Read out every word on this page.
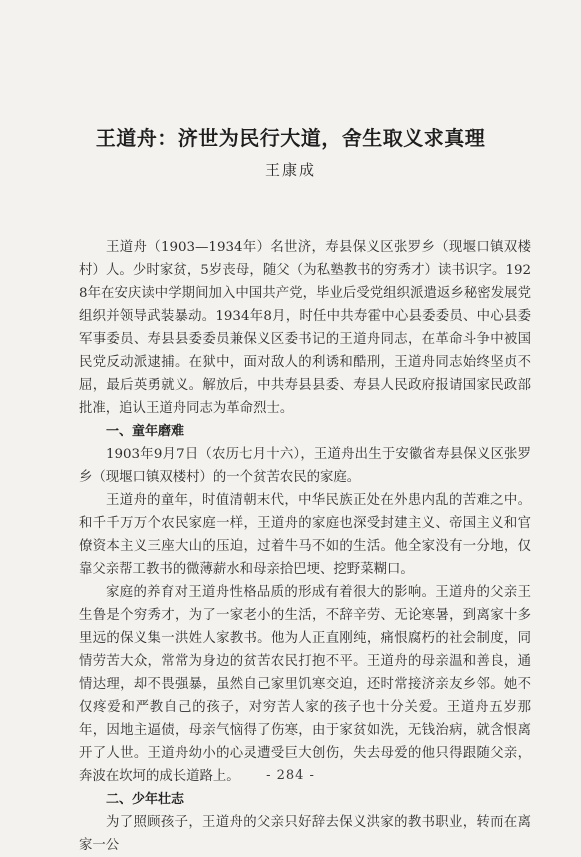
王道舟：济世为民行大道，舍生取义求真理
王康成

王道舟（1903—1934年）名世济，寿县保义区张罗乡（现堰口镇双楼村）人。少时家贫，5岁丧母，随父（为私塾教书的穷秀才）读书识字。1928年在安庆读中学期间加入中国共产党，毕业后受党组织派遣返乡秘密发展党组织并领导武装暴动。1934年8月，时任中共寿霍中心县委委员、中心县委军事委员、寿县县委委员兼保义区委书记的王道舟同志，在革命斗争中被国民党反动派逮捕。在狱中，面对敌人的利诱和酷刑，王道舟同志始终坚贞不屈，最后英勇就义。解放后，中共寿县县委、寿县人民政府报请国家民政部批准，追认王道舟同志为革命烈士。

一、童年磨难

1903年9月7日（农历七月十六），王道舟出生于安徽省寿县保义区张罗乡（现堰口镇双楼村）的一个贫苦农民的家庭。

王道舟的童年，时值清朝末代，中华民族正处在外患内乱的苦难之中。和千千万万个农民家庭一样，王道舟的家庭也深受封建主义、帝国主义和官僚资本主义三座大山的压迫，过着牛马不如的生活。他全家没有一分地，仅靠父亲帮工教书的微薄薪水和母亲拾巴埂、挖野菜糊口。

家庭的养育对王道舟性格品质的形成有着很大的影响。王道舟的父亲王生鲁是个穷秀才，为了一家老小的生活，不辞辛劳、无论寒暑，到离家十多里远的保义集一洪姓人家教书。他为人正直刚纯，痛恨腐朽的社会制度，同情劳苦大众，常常为身边的贫苦农民打抱不平。王道舟的母亲温和善良，通情达理，却不畏强暴，虽然自己家里饥寒交迫，还时常接济亲友乡邻。她不仅疼爱和严教自己的孩子，对穷苦人家的孩子也十分关爱。王道舟五岁那年，因地主逼债，母亲气恼得了伤寒，由于家贫如洗，无钱治病，就含恨离开了人世。王道舟幼小的心灵遭受巨大创伤，失去母爱的他只得跟随父亲，奔波在坎坷的成长道路上。

二、少年壮志

为了照顾孩子，王道舟的父亲只好辞去保义洪家的教书职业，转而在离家一公

- 284 -
